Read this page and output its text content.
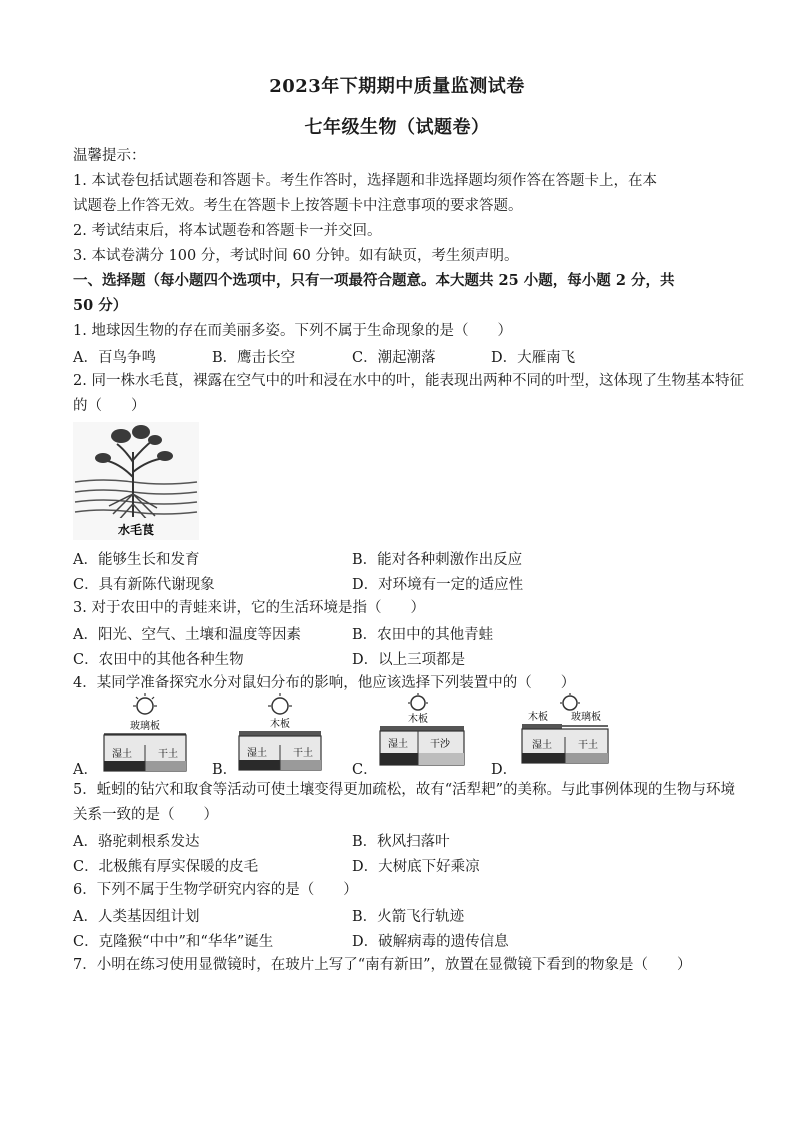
2023年下期期中质量监测试卷
七年级生物（试题卷）
温馨提示：
1. 本试卷包括试题卷和答题卡。考生作答时，选择题和非选择题均须作答在答题卡上，在本
试题卷上作答无效。考生在答题卡上按答题卡中注意事项的要求答题。
2. 考试结束后，将本试题卷和答题卡一并交回。
3. 本试卷满分 100 分，考试时间 60 分钟。如有缺页，考生须声明。
一、选择题（每小题四个选项中，只有一项最符合题意。本大题共 25 小题，每小题 2 分，共
50 分）
1. 地球因生物的存在而美丽多姿。下列不属于生命现象的是（　　）
A．百鸟争鸣	B．鹰击长空	C．潮起潮落	D．大雁南飞
2. 同一株水毛茛，裸露在空气中的叶和浸在水中的叶，能表现出两种不同的叶型，这体现了生物基本特征
的（　　）
水毛茛
A．能够生长和发育	B．能对各种刺激作出反应
C．具有新陈代谢现象	D．对环境有一定的适应性
3. 对于农田中的青蛙来讲，它的生活环境是指（　　）
A．阳光、空气、土壤和温度等因素	B．农田中的其他青蛙
C．农田中的其他各种生物	D．以上三项都是
4．某同学准备探究水分对鼠妇分布的影响，他应该选择下列装置中的（　　）
A．
玻璃板
湿土	干土
B．
木板
湿土	干土
C．
木板
湿土 干沙
D．
木板 玻璃板
湿土	干土
5．蚯蚓的钻穴和取食等活动可使土壤变得更加疏松，故有“活犁耙”的美称。与此事例体现的生物与环境
关系一致的是（　　）
A．骆驼刺根系发达	B．秋风扫落叶
C．北极熊有厚实保暖的皮毛	D．大树底下好乘凉
6．下列不属于生物学研究内容的是（　　）
A．人类基因组计划	B．火箭飞行轨迹
C．克隆猴“中中”和“华华”诞生	D．破解病毒的遗传信息
7．小明在练习使用显微镜时，在玻片上写了“南有新田”，放置在显微镜下看到的物象是（　　）
